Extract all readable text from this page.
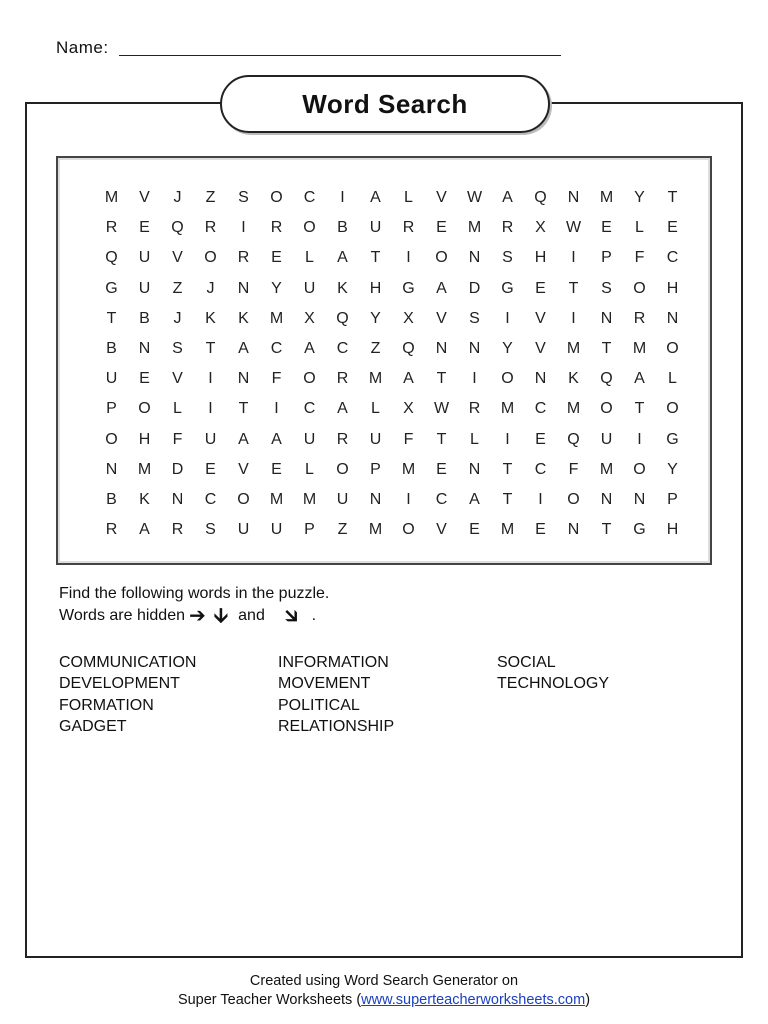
Name:
Word Search
M	V	J	Z	S	O	C	I	A	L	V	W	A	Q	N	M	Y	T
R	E	Q	R	I	R	O	B	U	R	E	M	R	X	W	E	L	E
Q	U	V	O	R	E	L	A	T	I	O	N	S	H	I	P	F	C
G	U	Z	J	N	Y	U	K	H	G	A	D	G	E	T	S	O	H
T	B	J	K	K	M	X	Q	Y	X	V	S	I	V	I	N	R	N
B	N	S	T	A	C	A	C	Z	Q	N	N	Y	V	M	T	M	O
U	E	V	I	N	F	O	R	M	A	T	I	O	N	K	Q	A	L
P	O	L	I	T	I	C	A	L	X	W	R	M	C	M	O	T	O
O	H	F	U	A	A	U	R	U	F	T	L	I	E	Q	U	I	G
N	M	D	E	V	E	L	O	P	M	E	N	T	C	F	M	O	Y
B	K	N	C	O	M	M	U	N	I	C	A	T	I	O	N	N	P
R	A	R	S	U	U	P	Z	M	O	V	E	M	E	N	T	G	H
Find the following words in the puzzle.
Words are hidden ➔ 🡫 and 🡮 .
COMMUNICATION
DEVELOPMENT
FORMATION
GADGET
INFORMATION
MOVEMENT
POLITICAL
RELATIONSHIP
SOCIAL
TECHNOLOGY
Created using Word Search Generator on
Super Teacher Worksheets (www.superteacherworksheets.com)
